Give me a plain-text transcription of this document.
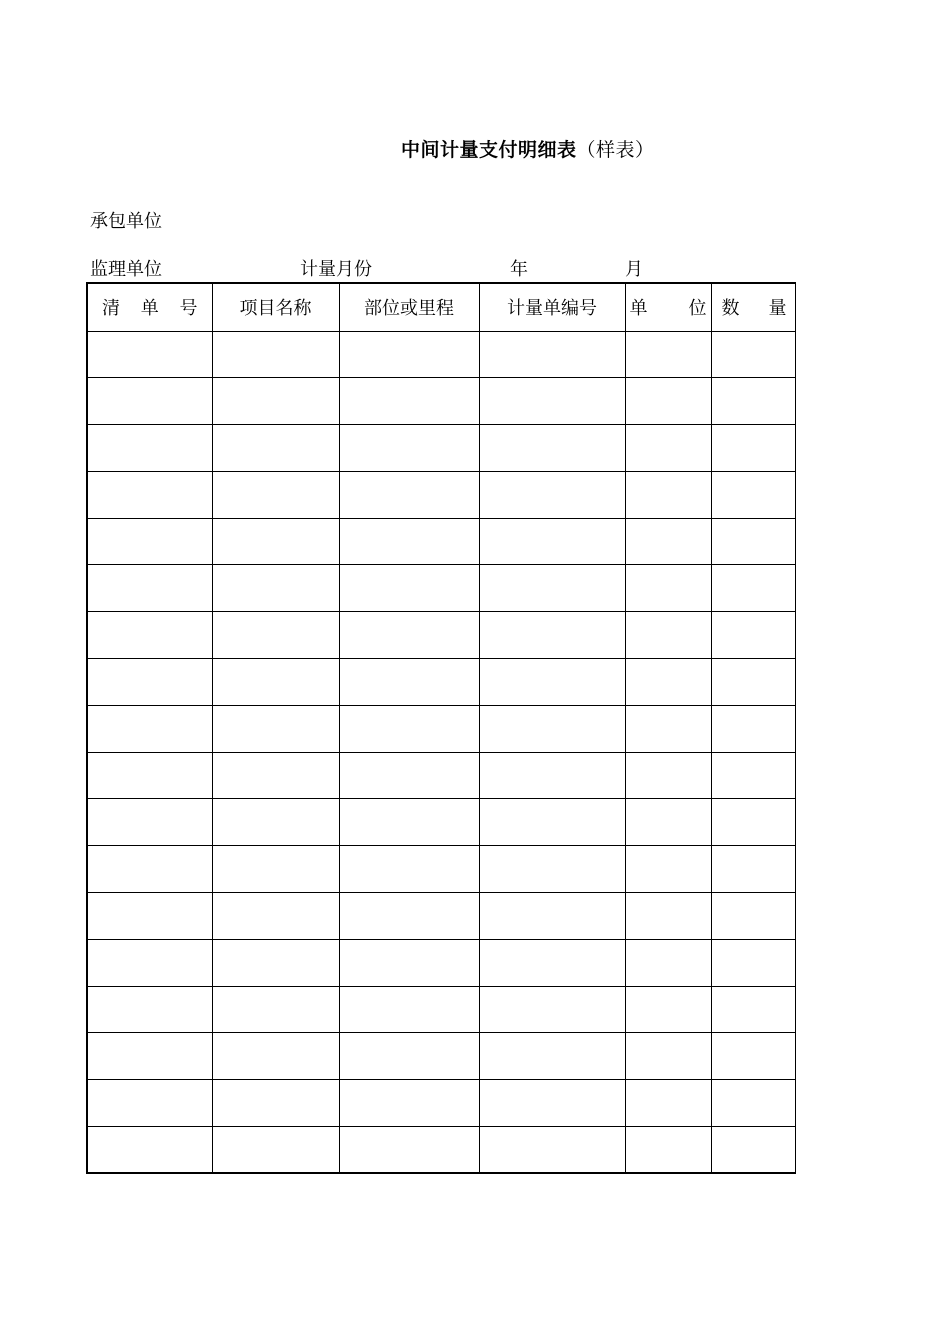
中间计量支付明细表（样表）
承包单位
监理单位	计量月份	年	月
清 单 号	项目名称	部位或里程	计量单编号	单 位	数 量
